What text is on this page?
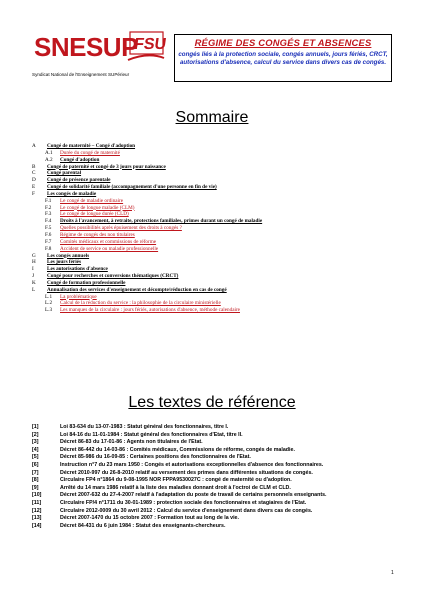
SNESUP
FSU
Syndicat National de l'Enseignement SUPérieur
RÉGIME DES CONGÉS ET ABSENCES
congés liés à la protection sociale, congés annuels, jours fériés, CRCT, autorisations d'absence, calcul du service dans divers cas de congés.
Sommaire
A Congé de maternité – Congé d'adoption
A.1 Durée du congé de maternité
A.2 Congé d'adoption
B Congé de paternité et congé de 3 jours pour naissance
C Congé parental
D Congé de présence parentale
E Congé de solidarité familiale (accompagnement d'une personne en fin de vie)
F Les congés de maladie
F.1 Le congé de maladie ordinaire
F.2 Le congé de longue maladie (CLM)
F.3 Le congé de longue durée (CLD)
F.4 Droits à l'avancement, à retraite, protections familiales, primes durant un congé de maladie
F.5 Quelles possibilités après épuisement des droits à congés ?
F.6 Régime de congés des non titulaires
F.7 Comités médicaux et commissions de réforme
F.8 Accident de service ou maladie professionnelle
G Les congés annuels
H Les jours fériés
I	Les autorisations d'absence
J Congé pour recherches et conversions thématiques (CRCT)
K Congé de formation professionnelle
L Annualisation des services d'enseignement et décompte/réduction en cas de congé
L.1 La problématique
L.2 Calcul de la réduction du service : la philosophie de la circulaire ministérielle
L.3 Les manques de la circulaire : jours fériés, autorisations d'absence, méthode calendaire
Les textes de référence
[1]	Loi 83-634 du 13-07-1983 : Statut général des fonctionnaires, titre I.
[2]	Loi 84-16 du 11-01-1984 : Statut général des fonctionnaires d'Etat, titre II.
[3]	Décret 86-83 du 17-01-86 : Agents non titulaires de l'Etat.
[4]	Décret 86-442 du 14-03-86 : Comités médicaux, Commissions de réforme, congés de maladie.
[5]	Décret 85-986 du 16-09-85 : Certaines positions des fonctionnaires de l'Etat.
[6]	Instruction n°7 du 23 mars 1950 : Congés et autorisations exceptionnelles d'absence des fonctionnaires.
[7]	Décret 2010-997 du 26-8-2010 relatif au versement des primes dans différentes situations de congés.
[8]	Circulaire FP4 n°1864 du 9-08-1995 NOR FPPA9530027C : congé de maternité ou d'adoption.
[9]	Arrêté du 14 mars 1986 relatif à la liste des maladies donnant droit à l'octroi de CLM et CLD.
[10]	Décret 2007-632 du 27-4-2007 relatif à l'adaptation du poste de travail de certains personnels enseignants.
[11]	Circulaire FP/4 n°1711 du 30-01-1989 : protection sociale des fonctionnaires et stagiaires de l'Etat.
[12]	Circulaire 2012-0009 du 30 avril 2012 : Calcul du service d'enseignement dans divers cas de congés.
[13]	Décret 2007-1470 du 15 octobre 2007 : Formation tout au long de la vie.
[14]	Décret 84-431 du 6 juin 1984 : Statut des enseignants-chercheurs.
1
